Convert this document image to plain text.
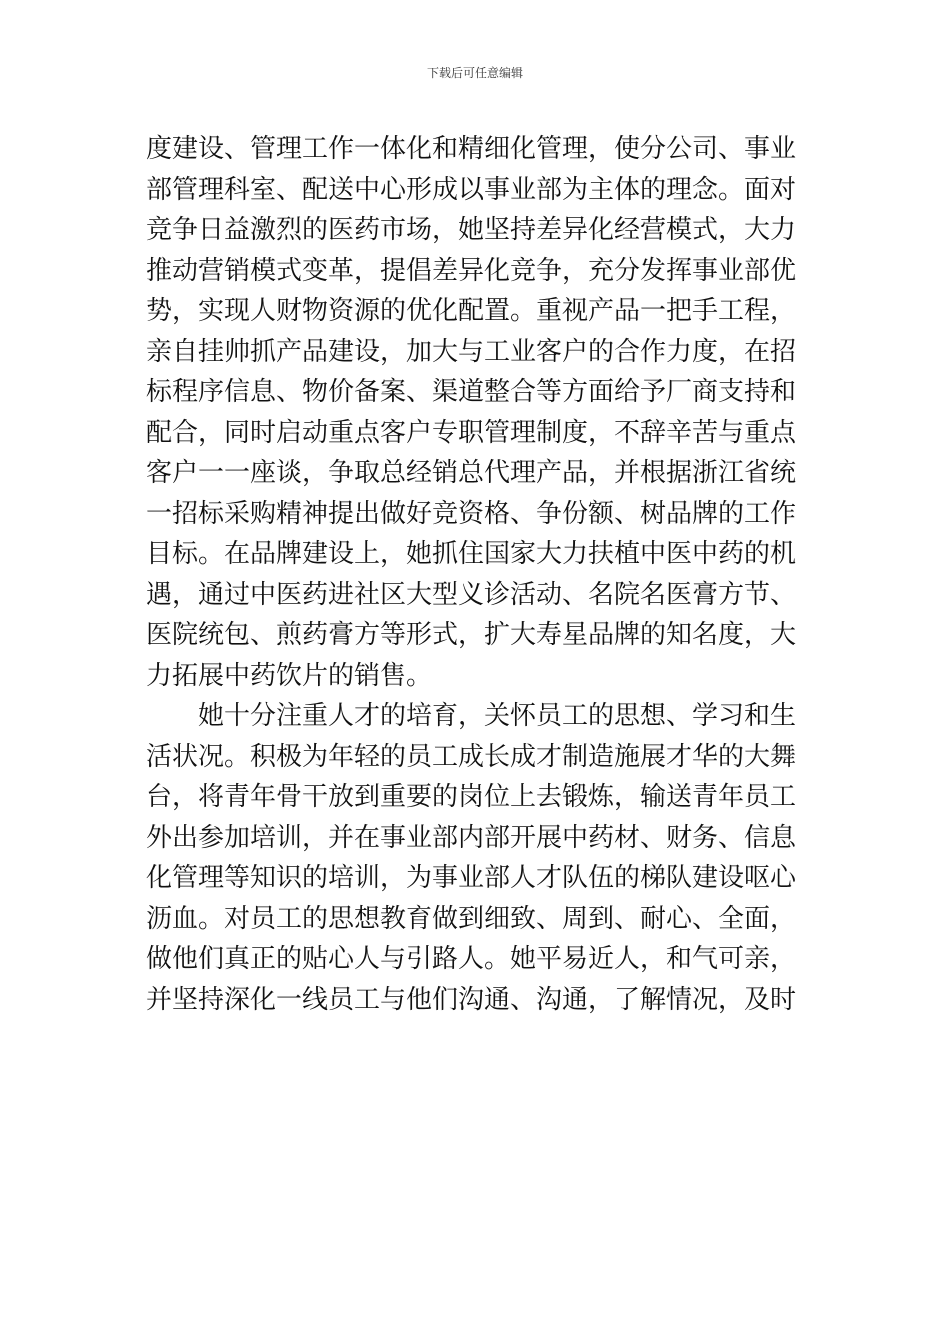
下载后可任意编辑
度建设、管理工作一体化和精细化管理，使分公司、事业
部管理科室、配送中心形成以事业部为主体的理念。面对
竞争日益激烈的医药市场，她坚持差异化经营模式，大力
推动营销模式变革，提倡差异化竞争，充分发挥事业部优
势，实现人财物资源的优化配置。重视产品一把手工程，
亲自挂帅抓产品建设，加大与工业客户的合作力度，在招
标程序信息、物价备案、渠道整合等方面给予厂商支持和
配合，同时启动重点客户专职管理制度，不辞辛苦与重点
客户一一座谈，争取总经销总代理产品，并根据浙江省统
一招标采购精神提出做好竞资格、争份额、树品牌的工作
目标。在品牌建设上，她抓住国家大力扶植中医中药的机
遇，通过中医药进社区大型义诊活动、名院名医膏方节、
医院统包、煎药膏方等形式，扩大寿星品牌的知名度，大
力拓展中药饮片的销售。
　　她十分注重人才的培育，关怀员工的思想、学习和生
活状况。积极为年轻的员工成长成才制造施展才华的大舞
台，将青年骨干放到重要的岗位上去锻炼，输送青年员工
外出参加培训，并在事业部内部开展中药材、财务、信息
化管理等知识的培训，为事业部人才队伍的梯队建设呕心
沥血。对员工的思想教育做到细致、周到、耐心、全面，
做他们真正的贴心人与引路人。她平易近人，和气可亲，
并坚持深化一线员工与他们沟通、沟通，了解情况，及时
